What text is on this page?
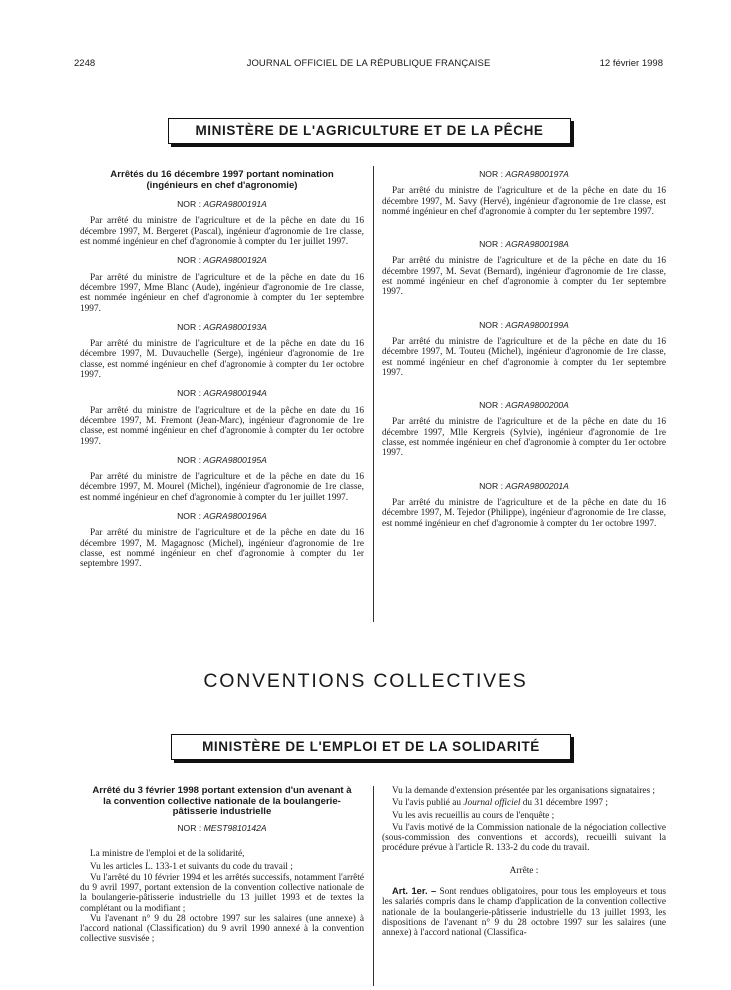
2248	JOURNAL OFFICIEL DE LA RÉPUBLIQUE FRANÇAISE	12 février 1998
MINISTÈRE DE L'AGRICULTURE ET DE LA PÊCHE
Arrêtés du 16 décembre 1997 portant nomination
(ingénieurs en chef d'agronomie)
NOR : AGRA9800191A

Par arrêté du ministre de l'agriculture et de la pêche en date du 16 décembre 1997, M. Bergeret (Pascal), ingénieur d'agronomie de 1re classe, est nommé ingénieur en chef d'agronomie à compter du 1er juillet 1997.

NOR : AGRA9800192A

Par arrêté du ministre de l'agriculture et de la pêche en date du 16 décembre 1997, Mme Blanc (Aude), ingénieur d'agronomie de 1re classe, est nommée ingénieur en chef d'agronomie à compter du 1er septembre 1997.

NOR : AGRA9800193A

Par arrêté du ministre de l'agriculture et de la pêche en date du 16 décembre 1997, M. Duvauchelle (Serge), ingénieur d'agronomie de 1re classe, est nommé ingénieur en chef d'agronomie à compter du 1er octobre 1997.

NOR : AGRA9800194A

Par arrêté du ministre de l'agriculture et de la pêche en date du 16 décembre 1997, M. Fremont (Jean-Marc), ingénieur d'agronomie de 1re classe, est nommé ingénieur en chef d'agronomie à compter du 1er octobre 1997.

NOR : AGRA9800195A

Par arrêté du ministre de l'agriculture et de la pêche en date du 16 décembre 1997, M. Mourel (Michel), ingénieur d'agronomie de 1re classe, est nommé ingénieur en chef d'agronomie à compter du 1er juillet 1997.

NOR : AGRA9800196A

Par arrêté du ministre de l'agriculture et de la pêche en date du 16 décembre 1997, M. Magagnosc (Michel), ingénieur d'agronomie de 1re classe, est nommé ingénieur en chef d'agronomie à compter du 1er septembre 1997.

NOR : AGRA9800197A

Par arrêté du ministre de l'agriculture et de la pêche en date du 16 décembre 1997, M. Savy (Hervé), ingénieur d'agronomie de 1re classe, est nommé ingénieur en chef d'agronomie à compter du 1er septembre 1997.

NOR : AGRA9800198A

Par arrêté du ministre de l'agriculture et de la pêche en date du 16 décembre 1997, M. Sevat (Bernard), ingénieur d'agronomie de 1re classe, est nommé ingénieur en chef d'agronomie à compter du 1er septembre 1997.

NOR : AGRA9800199A

Par arrêté du ministre de l'agriculture et de la pêche en date du 16 décembre 1997, M. Touteu (Michel), ingénieur d'agronomie de 1re classe, est nommé ingénieur en chef d'agronomie à compter du 1er septembre 1997.

NOR : AGRA9800200A

Par arrêté du ministre de l'agriculture et de la pêche en date du 16 décembre 1997, Mlle Kergreis (Sylvie), ingénieur d'agronomie de 1re classe, est nommée ingénieur en chef d'agronomie à compter du 1er octobre 1997.

NOR : AGRA9800201A

Par arrêté du ministre de l'agriculture et de la pêche en date du 16 décembre 1997, M. Tejedor (Philippe), ingénieur d'agronomie de 1re classe, est nommé ingénieur en chef d'agronomie à compter du 1er octobre 1997.

CONVENTIONS COLLECTIVES
MINISTÈRE DE L'EMPLOI ET DE LA SOLIDARITÉ
Arrêté du 3 février 1998 portant extension d'un avenant à
la convention collective nationale de la boulangerie-
pâtisserie industrielle
NOR : MEST9810142A

La ministre de l'emploi et de la solidarité,

Vu les articles L. 133-1 et suivants du code du travail ;

Vu l'arrêté du 10 février 1994 et les arrêtés successifs, notamment l'arrêté du 9 avril 1997, portant extension de la convention collective nationale de la boulangerie-pâtisserie industrielle du 13 juillet 1993 et de textes la complétant ou la modifiant ;

Vu l'avenant n° 9 du 28 octobre 1997 sur les salaires (une annexe) à l'accord national (Classification) du 9 avril 1990 annexé à la convention collective susvisée ;

Vu la demande d'extension présentée par les organisations signataires ;

Vu l'avis publié au Journal officiel du 31 décembre 1997 ;

Vu les avis recueillis au cours de l'enquête ;

Vu l'avis motivé de la Commission nationale de la négociation collective (sous-commission des conventions et accords), recueilli suivant la procédure prévue à l'article R. 133-2 du code du travail.

Arrête :

Art. 1er. – Sont rendues obligatoires, pour tous les employeurs et tous les salariés compris dans le champ d'application de la convention collective nationale de la boulangerie-pâtisserie industrielle du 13 juillet 1993, les dispositions de l'avenant n° 9 du 28 octobre 1997 sur les salaires (une annexe) à l'accord national (Classifica-
